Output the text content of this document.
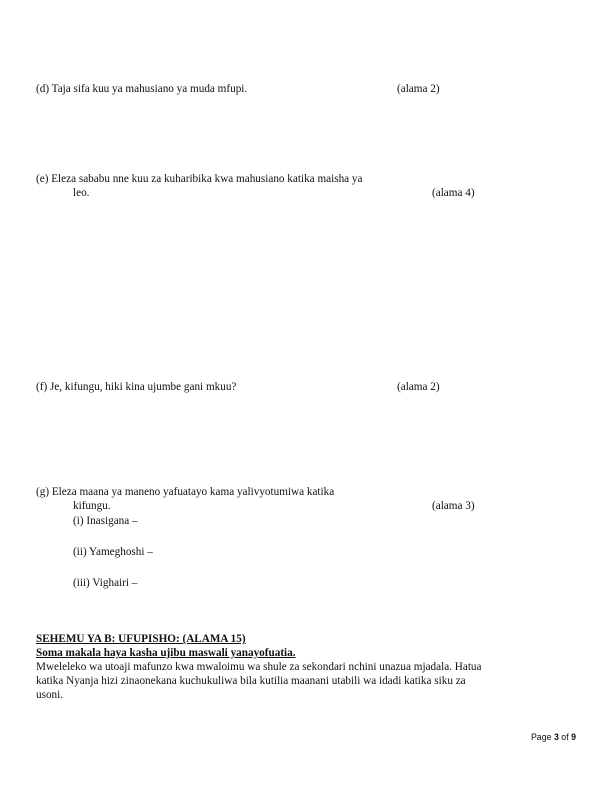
(d) Taja sifa kuu ya mahusiano ya muda mfupi.	(alama 2)
(e) Eleza sababu nne kuu za kuharibika kwa mahusiano katika maisha ya
leo.	(alama 4)
(f) Je, kifungu, hiki kina ujumbe gani mkuu?	(alama 2)
(g) Eleza maana ya maneno yafuatayo kama yalivyotumiwa katika
kifungu.	(alama 3)
(i) Inasigana –
(ii) Yameghoshi –
(iii) Vighairi –
SEHEMU YA B: UFUPISHO: (ALAMA 15)
Soma makala haya kasha ujibu maswali yanayofuatia.
Mweleleko wa utoaji mafunzo kwa mwaloimu wa shule za sekondari nchini unazua mjadala. Hatua
katika Nyanja hizi zinaonekana kuchukuliwa bila kutilia maanani utabili wa idadi katika siku za
usoni.
Page 3 of 9
